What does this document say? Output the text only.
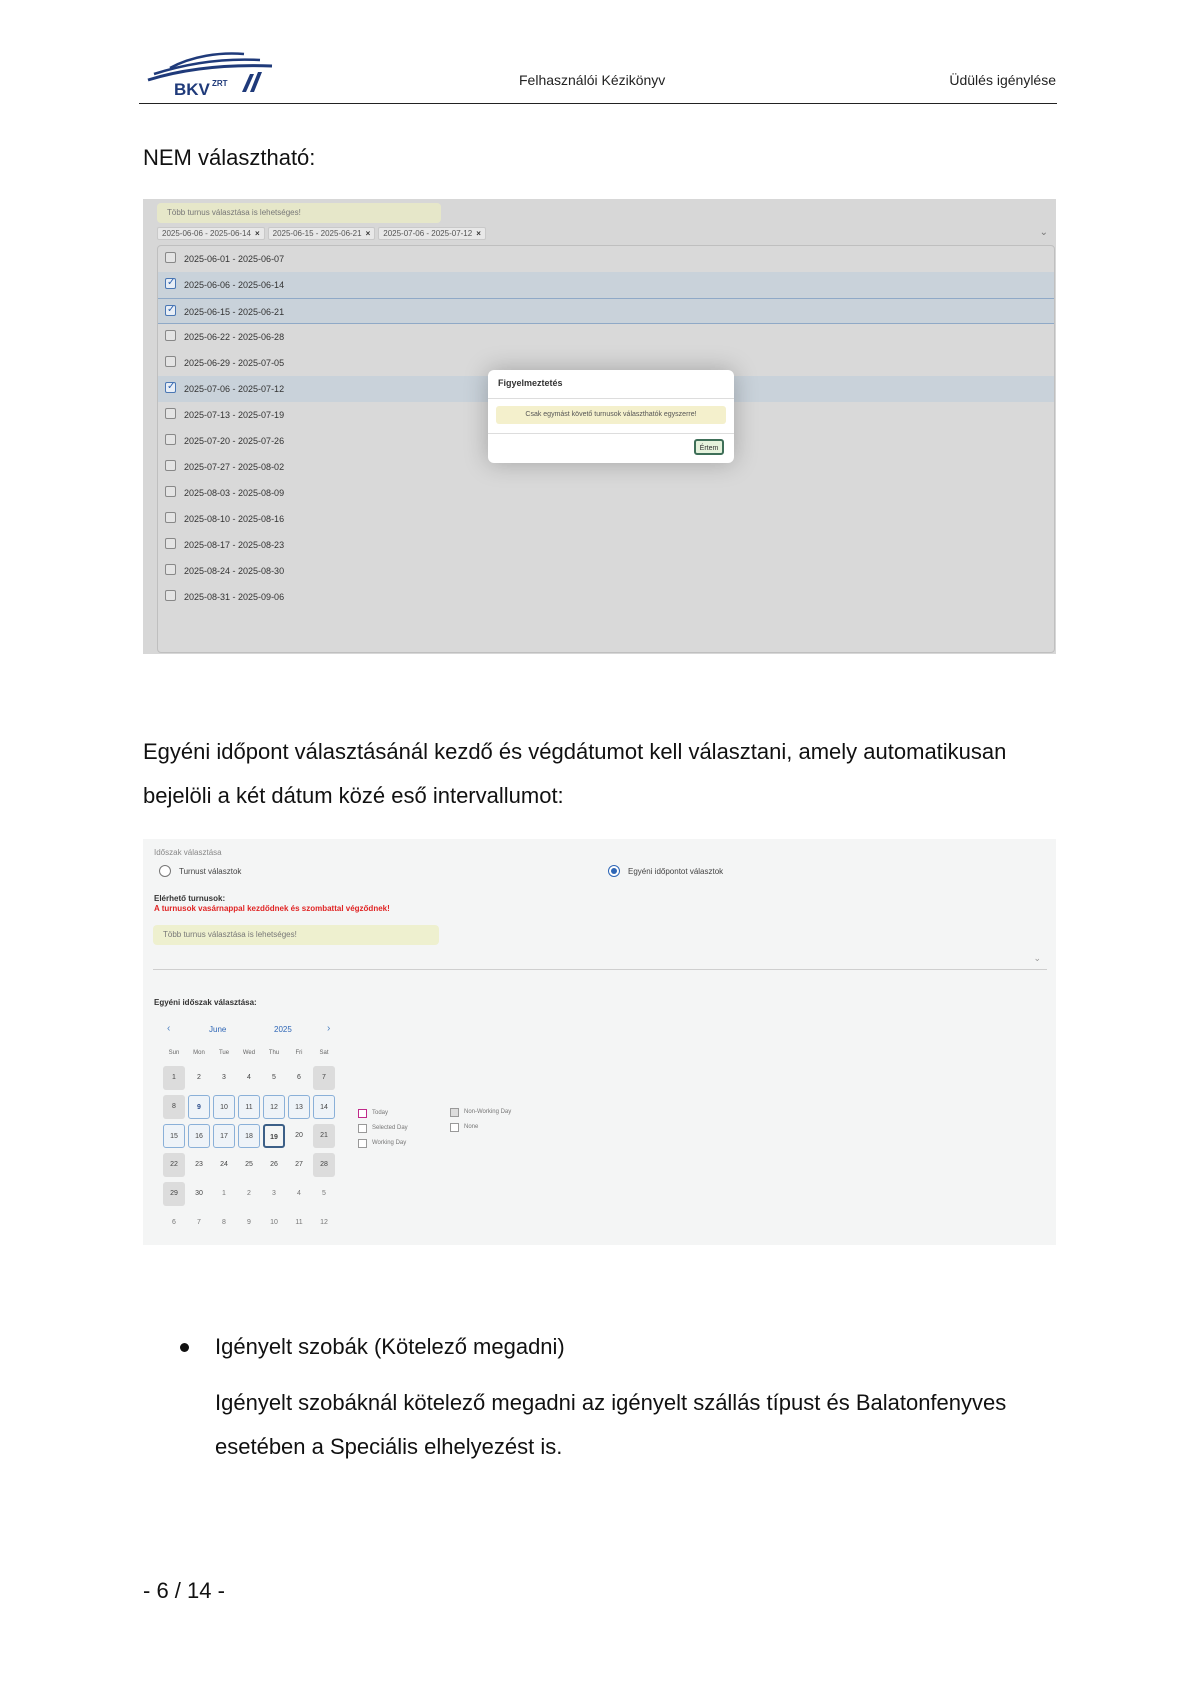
BKV ZRT	Felhasználói Kézikönyv	Üdülés igénylése
NEM választható:
Több turnus választása is lehetséges!
2025-06-06 - 2025-06-14 × 2025-06-15 - 2025-06-21 × 2025-07-06 - 2025-07-12 ×	⌄
2025-06-01 - 2025-06-07
✓ 2025-06-06 - 2025-06-14
✓ 2025-06-15 - 2025-06-21
2025-06-22 - 2025-06-28
2025-06-29 - 2025-07-05
✓ 2025-07-06 - 2025-07-12
2025-07-13 - 2025-07-19
2025-07-20 - 2025-07-26
2025-07-27 - 2025-08-02
2025-08-03 - 2025-08-09
2025-08-10 - 2025-08-16
2025-08-17 - 2025-08-23
2025-08-24 - 2025-08-30
2025-08-31 - 2025-09-06
Figyelmeztetés
Csak egymást követő turnusok választhatók egyszerre!
Értem
Egyéni időpont választásánál kezdő és végdátumot kell választani, amely automatikusan
bejelöli a két dátum közé eső intervallumot:
Időszak választása
Turnust választok	Egyéni időpontot választok
Elérhető turnusok:
A turnusok vasárnappal kezdődnek és szombattal végződnek!
Több turnus választása is lehetséges!
⌄
Egyéni időszak választása:
‹	June	2025	›
Sun	Mon	Tue	Wed	Thu	Fri	Sat
1	2	3	4	5	6	7
8	9	10	11	12	13	14
15	16	17	18	19	20	21
22	23	24	25	26	27	28
29	30	1	2	3	4	5
6	7	8	9	10	11	12
Today
Selected Day
Working Day
Non-Working Day
None
Igényelt szobák (Kötelező megadni)
Igényelt szobáknál kötelező megadni az igényelt szállás típust és Balatonfenyves
esetében a Speciális elhelyezést is.
- 6 / 14 -
